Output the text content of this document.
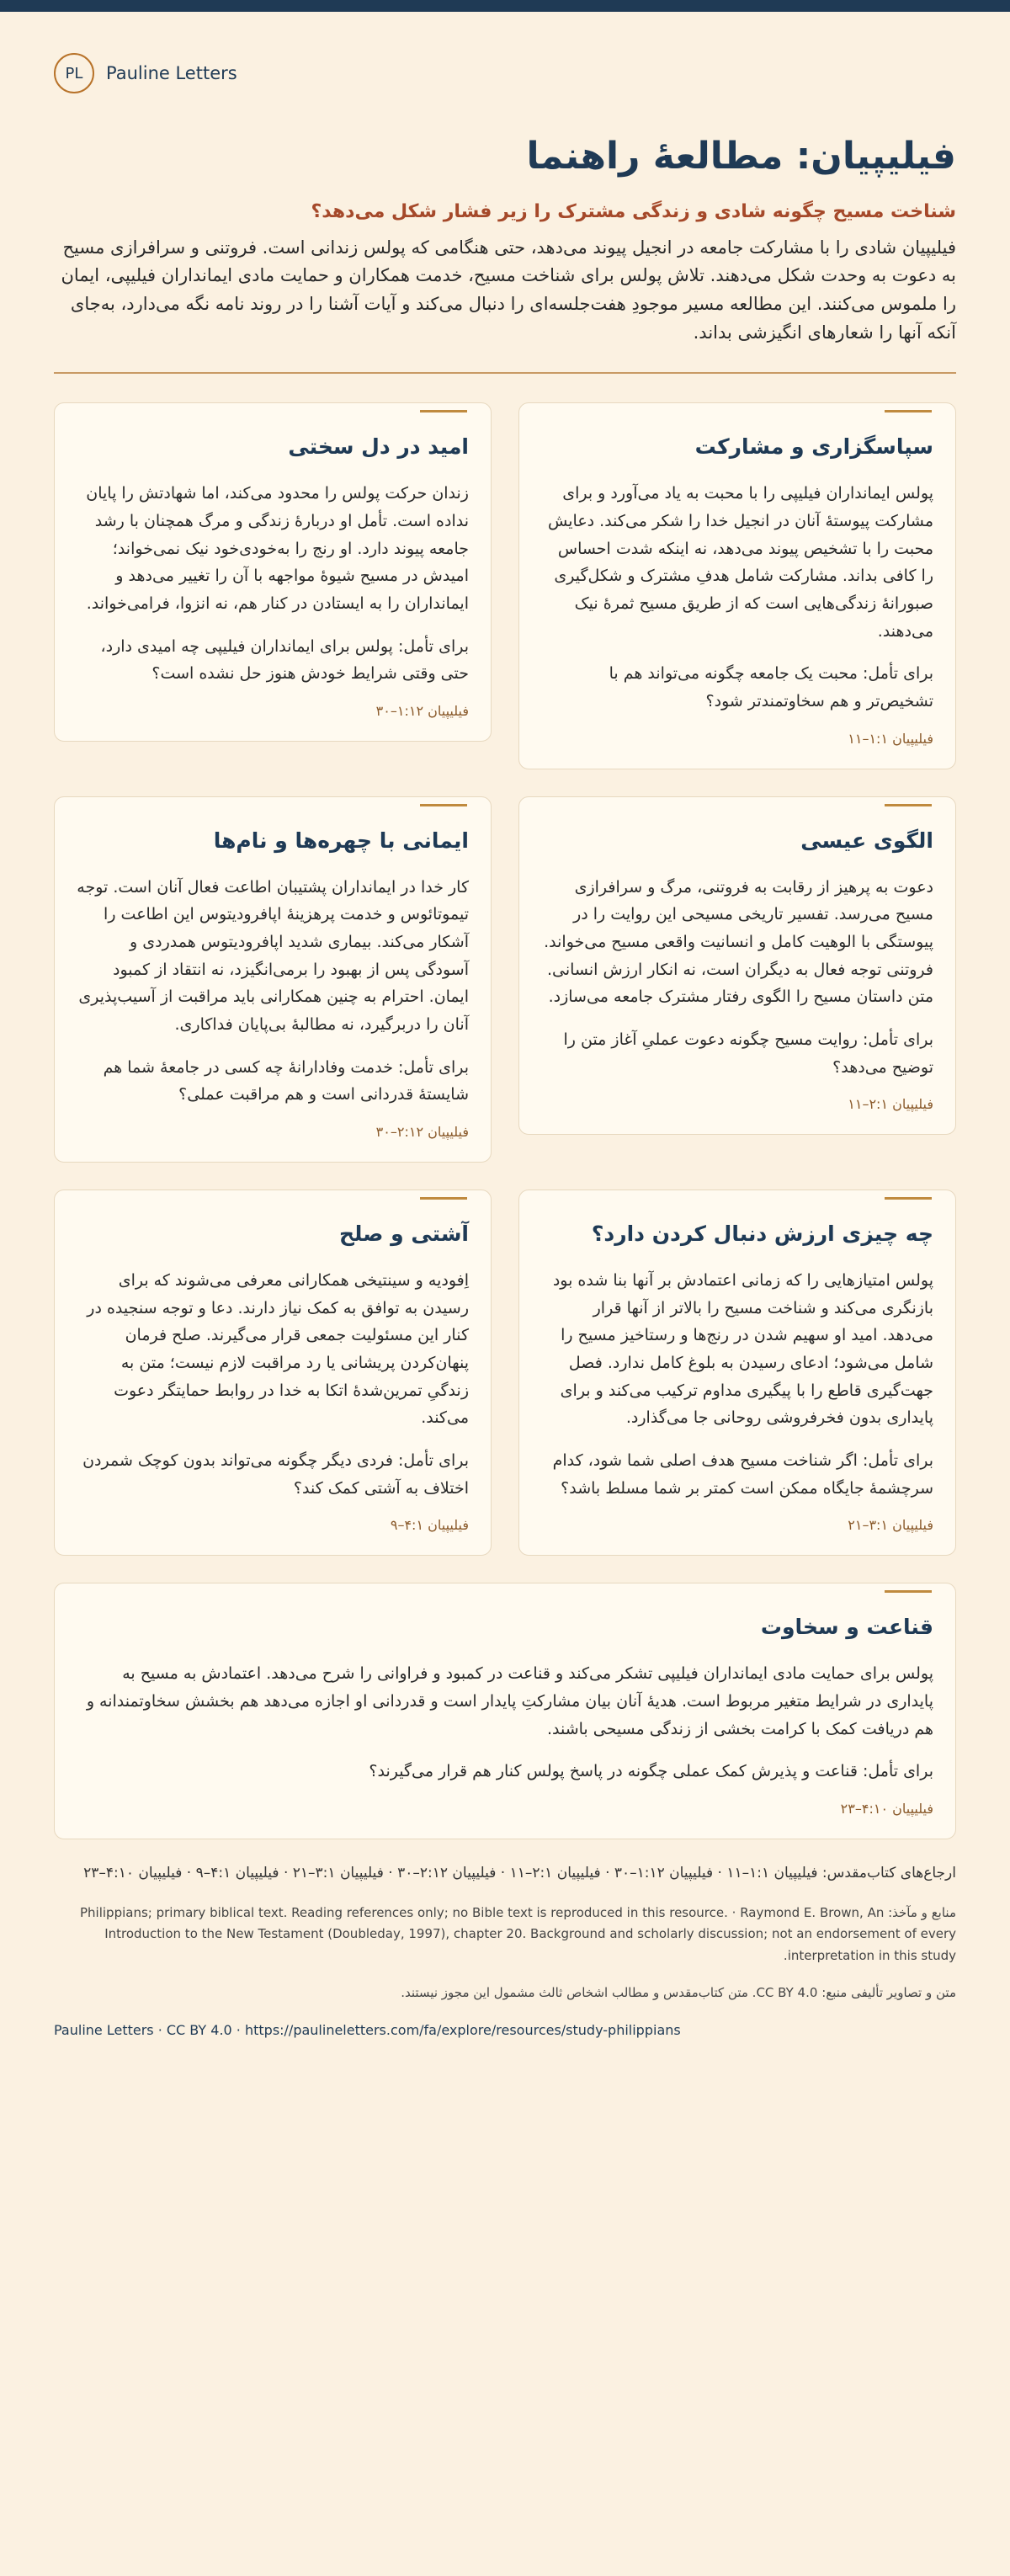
PL	Pauline Letters
فیلیپیان: مطالعهٔ راهنما
شناخت مسیح چگونه شادی و زندگی مشترک را زیر فشار شکل می‌دهد؟

فیلیپیان شادی را با مشارکت جامعه در انجیل پیوند می‌دهد، حتی هنگامی که پولس زندانی است. فروتنی و سرافرازی مسیح به دعوت به وحدت شکل می‌دهند. تلاش پولس برای شناخت مسیح، خدمت همکاران و حمایت مادی ایمانداران فیلیپی، ایمان را ملموس می‌کنند. این مطالعه مسیر موجودِ هفت‌جلسه‌ای را دنبال می‌کند و آیات آشنا را در روند نامه نگه می‌دارد، به‌جای آنکه آنها را شعارهای انگیزشی بداند.

سپاسگزاری و مشارکت

پولس ایمانداران فیلیپی را با محبت به یاد می‌آورد و برای مشارکت پیوستهٔ آنان در انجیل خدا را شکر می‌کند. دعایش محبت را با تشخیص پیوند می‌دهد، نه اینکه شدت احساس را کافی بداند. مشارکت شامل هدفِ مشترک و شکل‌گیری صبورانهٔ زندگی‌هایی است که از طریق مسیح ثمرهٔ نیک می‌دهند.

برای تأمل: محبت یک جامعه چگونه می‌تواند هم با تشخیص‌تر و هم سخاوتمندتر شود؟

فیلیپیان ۱:۱–۱۱
امید در دل سختی

زندان حرکت پولس را محدود می‌کند، اما شهادتش را پایان نداده است. تأمل او دربارهٔ زندگی و مرگ همچنان با رشد جامعه پیوند دارد. او رنج را به‌خودی‌خود نیک نمی‌خواند؛ امیدش در مسیح شیوهٔ مواجهه با آن را تغییر می‌دهد و ایمانداران را به ایستادن در کنار هم، نه انزوا، فرامی‌خواند.

برای تأمل: پولس برای ایمانداران فیلیپی چه امیدی دارد، حتی وقتی شرایط خودش هنوز حل نشده است؟

فیلیپیان ۱:۱۲–۳۰
الگوی عیسی

دعوت به پرهیز از رقابت به فروتنی، مرگ و سرافرازی مسیح می‌رسد. تفسیر تاریخی مسیحی این روایت را در پیوستگی با الوهیت کامل و انسانیت واقعی مسیح می‌خواند. فروتنی توجه فعال به دیگران است، نه انکار ارزش انسانی. متن داستان مسیح را الگوی رفتار مشترک جامعه می‌سازد.

برای تأمل: روایت مسیح چگونه دعوت عملیِ آغاز متن را توضیح می‌دهد؟

فیلیپیان ۲:۱–۱۱
ایمانی با چهره‌ها و نام‌ها

کار خدا در ایمانداران پشتیبان اطاعت فعال آنان است. توجه تیموتائوس و خدمت پرهزینهٔ اپافرودیتوس این اطاعت را آشکار می‌کند. بیماری شدید اپافرودیتوس همدردی و آسودگی پس از بهبود را برمی‌انگیزد، نه انتقاد از کمبود ایمان. احترام به چنین همکارانی باید مراقبت از آسیب‌پذیری آنان را دربرگیرد، نه مطالبهٔ بی‌پایان فداکاری.

برای تأمل: خدمت وفادارانهٔ چه کسی در جامعهٔ شما هم شایستهٔ قدردانی است و هم مراقبت عملی؟

فیلیپیان ۲:۱۲–۳۰
چه چیزی ارزش دنبال کردن دارد؟

پولس امتیازهایی را که زمانی اعتمادش بر آنها بنا شده بود بازنگری می‌کند و شناخت مسیح را بالاتر از آنها قرار می‌دهد. امید او سهیم شدن در رنج‌ها و رستاخیز مسیح را شامل می‌شود؛ ادعای رسیدن به بلوغ کامل ندارد. فصل جهت‌گیری قاطع را با پیگیری مداوم ترکیب می‌کند و برای پایداری بدون فخرفروشی روحانی جا می‌گذارد.

برای تأمل: اگر شناخت مسیح هدف اصلی شما شود، کدام سرچشمهٔ جایگاه ممکن است کمتر بر شما مسلط باشد؟

فیلیپیان ۳:۱–۲۱
آشتی و صلح

اِفودیه و سینتیخی همکارانی معرفی می‌شوند که برای رسیدن به توافق به کمک نیاز دارند. دعا و توجه سنجیده در کنار این مسئولیت جمعی قرار می‌گیرند. صلح فرمان پنهان‌کردن پریشانی یا رد مراقبت لازم نیست؛ متن به زندگیِ تمرین‌شدهٔ اتکا به خدا در روابط حمایتگر دعوت می‌کند.

برای تأمل: فردی دیگر چگونه می‌تواند بدون کوچک شمردن اختلاف به آشتی کمک کند؟

فیلیپیان ۴:۱–۹
قناعت و سخاوت

پولس برای حمایت مادی ایمانداران فیلیپی تشکر می‌کند و قناعت در کمبود و فراوانی را شرح می‌دهد. اعتمادش به مسیح به پایداری در شرایط متغیر مربوط است. هدیهٔ آنان بیان مشارکتِ پایدار است و قدردانی او اجازه می‌دهد هم بخشش سخاوتمندانه و هم دریافت کمک با کرامت بخشی از زندگی مسیحی باشند.

برای تأمل: قناعت و پذیرش کمک عملی چگونه در پاسخ پولس کنار هم قرار می‌گیرند؟

فیلیپیان ۴:۱۰–۲۳

ارجاع‌های کتاب‌مقدس: فیلیپیان ۱:۱–۱۱ · فیلیپیان ۱:۱۲–۳۰ · فیلیپیان ۲:۱–۱۱ · فیلیپیان ۲:۱۲–۳۰ · فیلیپیان ۳:۱–۲۱ · فیلیپیان ۴:۱–۹ · فیلیپیان ۴:۱۰–۲۳

منابع و مآخذ: Philippians; primary biblical text. Reading references only; no Bible text is reproduced in this resource. · Raymond E. Brown, An Introduction to the New Testament (Doubleday, 1997), chapter 20. Background and scholarly discussion; not an endorsement of every interpretation in this study.

متن و تصاویر تألیفی منبع: CC BY 4.0. متن کتاب‌مقدس و مطالب اشخاص ثالث مشمول این مجوز نیستند.

Pauline Letters · CC BY 4.0 · https://paulineletters.com/fa/explore/resources/study-philippians
